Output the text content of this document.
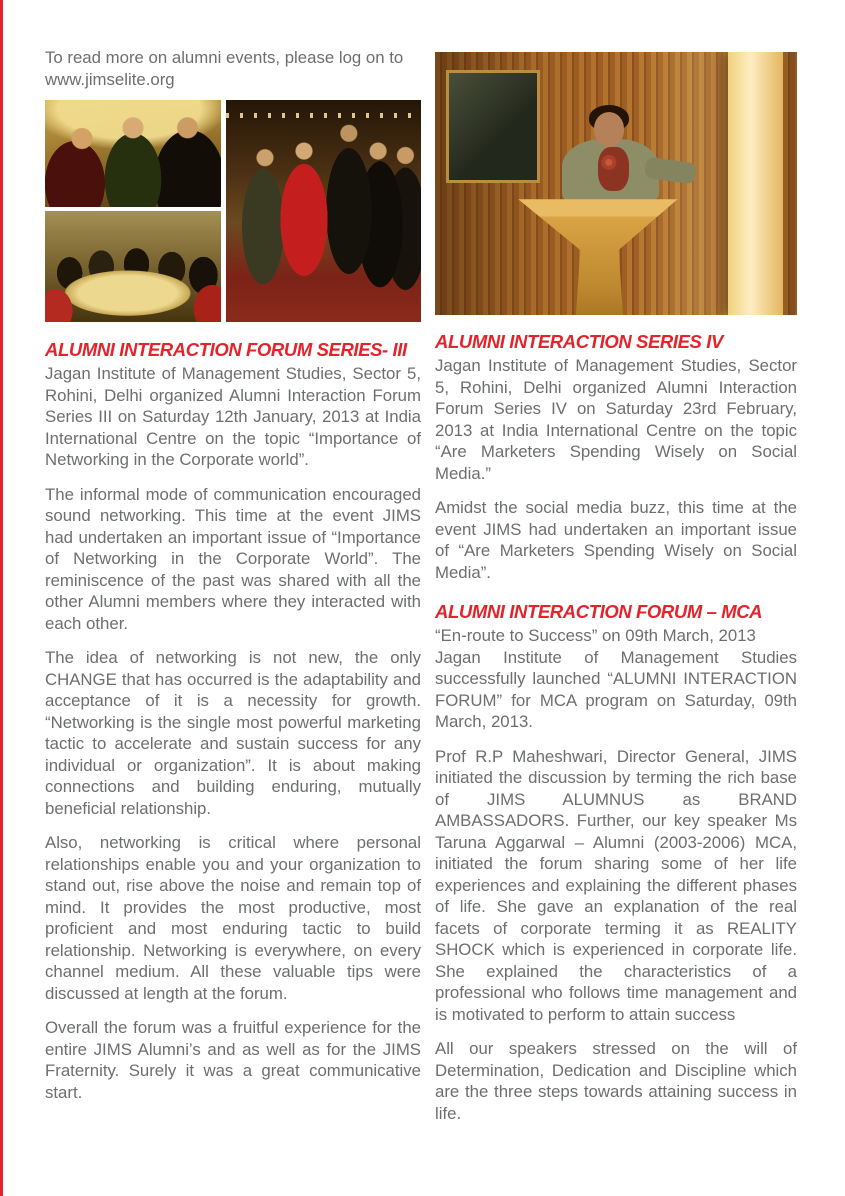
To read more on alumni events, please log on to www.jimselite.org

ALUMNI INTERACTION FORUM SERIES- III

Jagan Institute of Management Studies, Sector 5, Rohini, Delhi organized Alumni Interaction Forum Series III on Saturday 12th January, 2013 at India International Centre on the topic “Importance of Networking in the Corporate world”.

The informal mode of communication encouraged sound networking. This time at the event JIMS had undertaken an important issue of “Importance of Networking in the Corporate World”. The reminiscence of the past was shared with all the other Alumni members where they interacted with each other.

The idea of networking is not new, the only CHANGE that has occurred is the adaptability and acceptance of it is a necessity for growth. “Networking is the single most powerful marketing tactic to accelerate and sustain success for any individual or organization”. It is about making connections and building enduring, mutually beneficial relationship.

Also, networking is critical where personal relationships enable you and your organization to stand out, rise above the noise and remain top of mind. It provides the most productive, most proficient and most enduring tactic to build relationship. Networking is everywhere, on every channel medium. All these valuable tips were discussed at length at the forum.

Overall the forum was a fruitful experience for the entire JIMS Alumni’s and as well as for the JIMS Fraternity. Surely it was a great communicative start.

ALUMNI INTERACTION SERIES IV

Jagan Institute of Management Studies, Sector 5, Rohini, Delhi organized Alumni Interaction Forum Series IV on Saturday 23rd February, 2013 at India International Centre on the topic “Are Marketers Spending Wisely on Social Media.”

Amidst the social media buzz, this time at the event JIMS had undertaken an important issue of “Are Marketers Spending Wisely on Social Media”.

ALUMNI INTERACTION FORUM – MCA

“En-route to Success” on 09th March, 2013
Jagan Institute of Management Studies successfully launched “ALUMNI INTERACTION FORUM” for MCA program on Saturday, 09th March, 2013.

Prof R.P Maheshwari, Director General, JIMS initiated the discussion by terming the rich base of JIMS ALUMNUS as BRAND AMBASSADORS. Further, our key speaker Ms Taruna Aggarwal – Alumni (2003-2006) MCA, initiated the forum sharing some of her life experiences and explaining the different phases of life. She gave an explanation of the real facets of corporate terming it as REALITY SHOCK which is experienced in corporate life. She explained the characteristics of a professional who follows time management and is motivated to perform to attain success

All our speakers stressed on the will of Determination, Dedication and Discipline which are the three steps towards attaining success in life.
